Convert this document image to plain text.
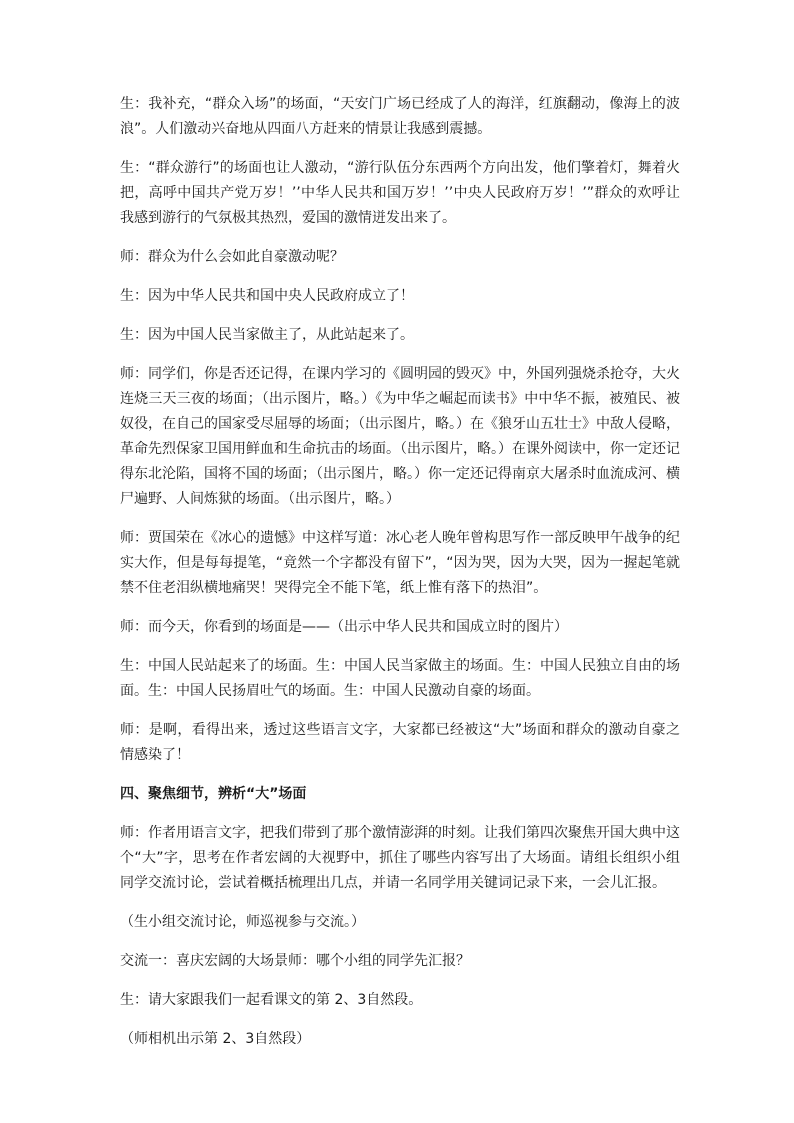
生：我补充，“群众入场”的场面，“天安门广场已经成了人的海洋，红旗翻动，像海上的波浪”。人们激动兴奋地从四面八方赶来的情景让我感到震撼。

生：“群众游行”的场面也让人激动，“游行队伍分东西两个方向出发，他们擎着灯，舞着火把，高呼中国共产党万岁！’’中华人民共和国万岁！’’中央人民政府万岁！’”群众的欢呼让我感到游行的气氛极其热烈，爱国的激情迸发出来了。

师：群众为什么会如此自豪激动呢？

生：因为中华人民共和国中央人民政府成立了！

生：因为中国人民当家做主了，从此站起来了。

师：同学们，你是否还记得，在课内学习的《圆明园的毁灭》中，外国列强烧杀抢夺，大火连烧三天三夜的场面；（出示图片，略。）《为中华之崛起而读书》中中华不振，被殖民、被奴役，在自己的国家受尽屈辱的场面；（出示图片，略。）在《狼牙山五壮士》中敌人侵略，革命先烈保家卫国用鲜血和生命抗击的场面。（出示图片，略。）在课外阅读中，你一定还记得东北沦陷，国将不国的场面；（出示图片，略。）你一定还记得南京大屠杀时血流成河、横尸遍野、人间炼狱的场面。（出示图片，略。）

师：贾国荣在《冰心的遗憾》中这样写道：冰心老人晚年曾构思写作一部反映甲午战争的纪实大作，但是每每提笔，“竟然一个字都没有留下”，“因为哭，因为大哭，因为一握起笔就禁不住老泪纵横地痛哭！哭得完全不能下笔，纸上惟有落下的热泪”。

师：而今天，你看到的场面是——（出示中华人民共和国成立时的图片）

生：中国人民站起来了的场面。生：中国人民当家做主的场面。生：中国人民独立自由的场面。生：中国人民扬眉吐气的场面。生：中国人民激动自豪的场面。

师：是啊，看得出来，透过这些语言文字，大家都已经被这“大”场面和群众的激动自豪之情感染了！

四、聚焦细节，辨析“大”场面

师：作者用语言文字，把我们带到了那个激情澎湃的时刻。让我们第四次聚焦开国大典中这个“大”字，思考在作者宏阔的大视野中，抓住了哪些内容写出了大场面。请组长组织小组同学交流讨论，尝试着概括梳理出几点，并请一名同学用关键词记录下来，一会儿汇报。

（生小组交流讨论，师巡视参与交流。）

交流一：喜庆宏阔的大场景师：哪个小组的同学先汇报？

生：请大家跟我们一起看课文的第 2、3自然段。

（师相机出示第 2、3自然段）
